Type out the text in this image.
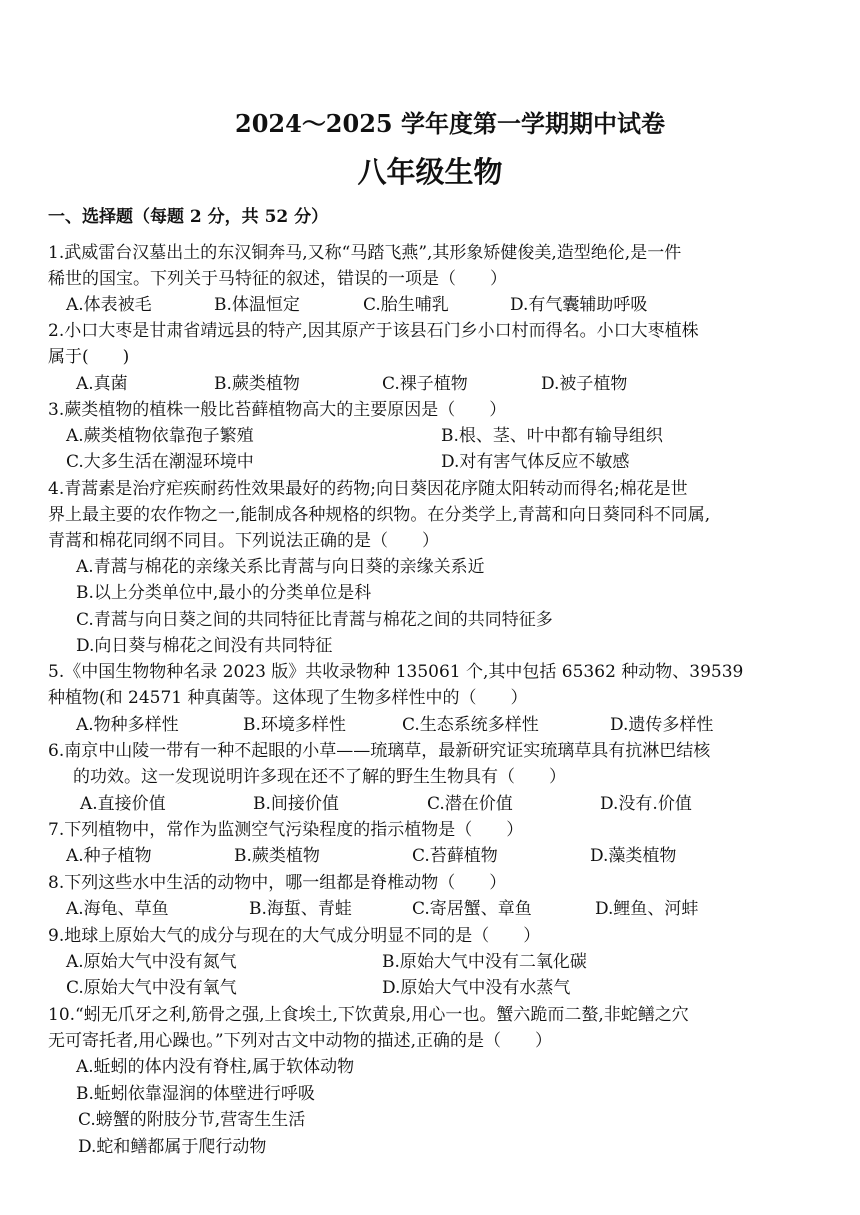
2024～2025 学年度第一学期期中试卷
八年级生物
一、选择题（每题 2 分，共 52 分）
1.武威雷台汉墓出土的东汉铜奔马,又称“马踏飞燕”,其形象矫健俊美,造型绝伦,是一件
稀世的国宝。下列关于马特征的叙述，错误的一项是（　　）
A.体表被毛	B.体温恒定	C.胎生哺乳	D.有气囊辅助呼吸
2.小口大枣是甘肃省靖远县的特产,因其原产于该县石门乡小口村而得名。小口大枣植株
属于(　　)
A.真菌	B.蕨类植物	C.裸子植物	D.被子植物
3.蕨类植物的植株一般比苔藓植物高大的主要原因是（　　）
A.蕨类植物依靠孢子繁殖	B.根、茎、叶中都有输导组织
C.大多生活在潮湿环境中	D.对有害气体反应不敏感
4.青蒿素是治疗疟疾耐药性效果最好的药物;向日葵因花序随太阳转动而得名;棉花是世
界上最主要的农作物之一,能制成各种规格的织物。在分类学上,青蒿和向日葵同科不同属,
青蒿和棉花同纲不同目。下列说法正确的是（　　）
A.青蒿与棉花的亲缘关系比青蒿与向日葵的亲缘关系近
B.以上分类单位中,最小的分类单位是科
C.青蒿与向日葵之间的共同特征比青蒿与棉花之间的共同特征多
D.向日葵与棉花之间没有共同特征
5.《中国生物物种名录 2023 版》共收录物种 135061 个,其中包括 65362 种动物、39539
种植物(和 24571 种真菌等。这体现了生物多样性中的（　　）
A.物种多样性	B.环境多样性	C.生态系统多样性	D.遗传多样性
6.南京中山陵一带有一种不起眼的小草——琉璃草，最新研究证实琉璃草具有抗淋巴结核
的功效。这一发现说明许多现在还不了解的野生生物具有（　　）
A.直接价值	B.间接价值	C.潜在价值	D.没有.价值
7.下列植物中，常作为监测空气污染程度的指示植物是（　　）
A.种子植物	B.蕨类植物	C.苔藓植物	D.藻类植物
8.下列这些水中生活的动物中，哪一组都是脊椎动物（　　）
A.海龟、草鱼	B.海蜇、青蛙	C.寄居蟹、章鱼	D.鲤鱼、河蚌
9.地球上原始大气的成分与现在的大气成分明显不同的是（　　）
A.原始大气中没有氮气	B.原始大气中没有二氧化碳
C.原始大气中没有氧气	D.原始大气中没有水蒸气
10.“蚓无爪牙之利,筋骨之强,上食埃土,下饮黄泉,用心一也。蟹六跪而二螯,非蛇鳝之穴
无可寄托者,用心躁也。”下列对古文中动物的描述,正确的是（　　）
A.蚯蚓的体内没有脊柱,属于软体动物
B.蚯蚓依靠湿润的体壁进行呼吸
C.螃蟹的附肢分节,营寄生生活
D.蛇和鳝都属于爬行动物
